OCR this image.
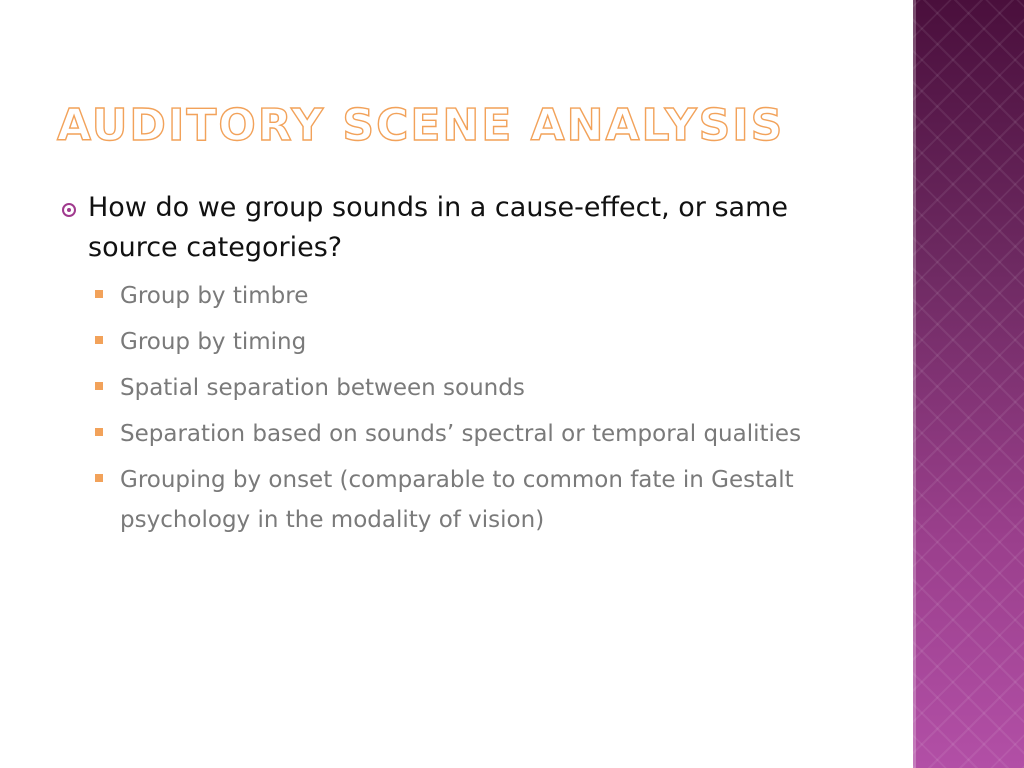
AUDITORY SCENE ANALYSIS
How do we group sounds in a cause-effect, or same source categories?
Group by timbre
Group by timing
Spatial separation between sounds
Separation based on sounds’ spectral or temporal qualities
Grouping by onset (comparable to common fate in Gestalt psychology in the modality of vision)
